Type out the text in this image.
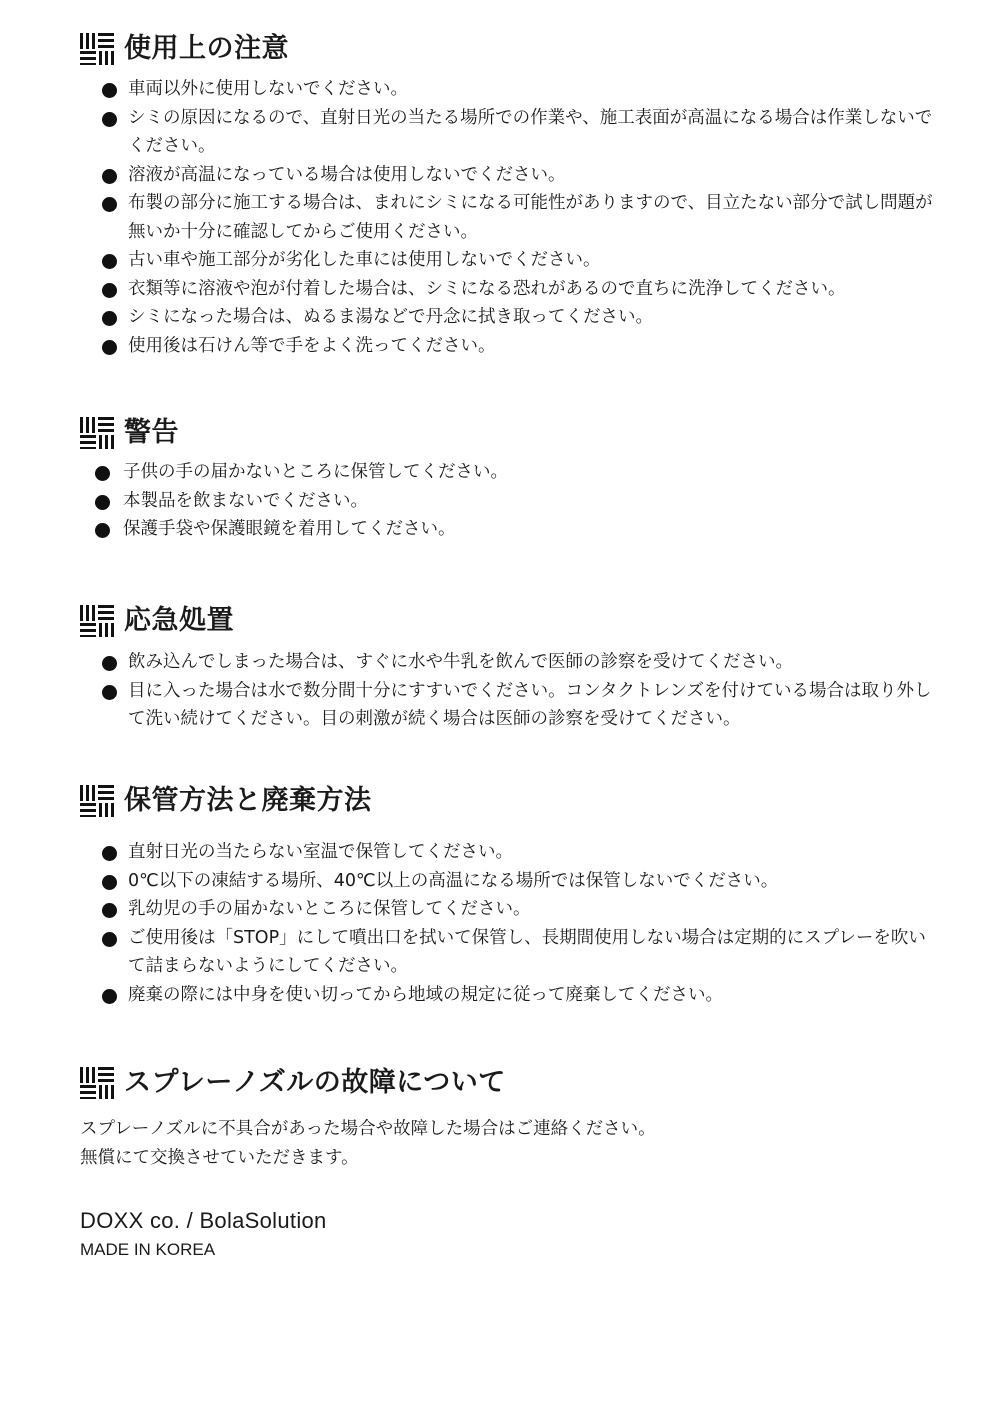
使用上の注意
車両以外に使用しないでください。
シミの原因になるので、直射日光の当たる場所での作業や、施工表面が高温になる場合は作業しないでください。
溶液が高温になっている場合は使用しないでください。
布製の部分に施工する場合は、まれにシミになる可能性がありますので、目立たない部分で試し問題が無いか十分に確認してからご使用ください。
古い車や施工部分が劣化した車には使用しないでください。
衣類等に溶液や泡が付着した場合は、シミになる恐れがあるので直ちに洗浄してください。
シミになった場合は、ぬるま湯などで丹念に拭き取ってください。
使用後は石けん等で手をよく洗ってください。
警告
子供の手の届かないところに保管してください。
本製品を飲まないでください。
保護手袋や保護眼鏡を着用してください。
応急処置
飲み込んでしまった場合は、すぐに水や牛乳を飲んで医師の診察を受けてください。
目に入った場合は水で数分間十分にすすいでください。コンタクトレンズを付けている場合は取り外して洗い続けてください。目の刺激が続く場合は医師の診察を受けてください。
保管方法と廃棄方法
直射日光の当たらない室温で保管してください。
0℃以下の凍結する場所、40℃以上の高温になる場所では保管しないでください。
乳幼児の手の届かないところに保管してください。
ご使用後は「STOP」にして噴出口を拭いて保管し、長期間使用しない場合は定期的にスプレーを吹いて詰まらないようにしてください。
廃棄の際には中身を使い切ってから地域の規定に従って廃棄してください。
スプレーノズルの故障について

スプレーノズルに不具合があった場合や故障した場合はご連絡ください。

無償にて交換させていただきます。

DOXX co. / BolaSolution
MADE IN KOREA
